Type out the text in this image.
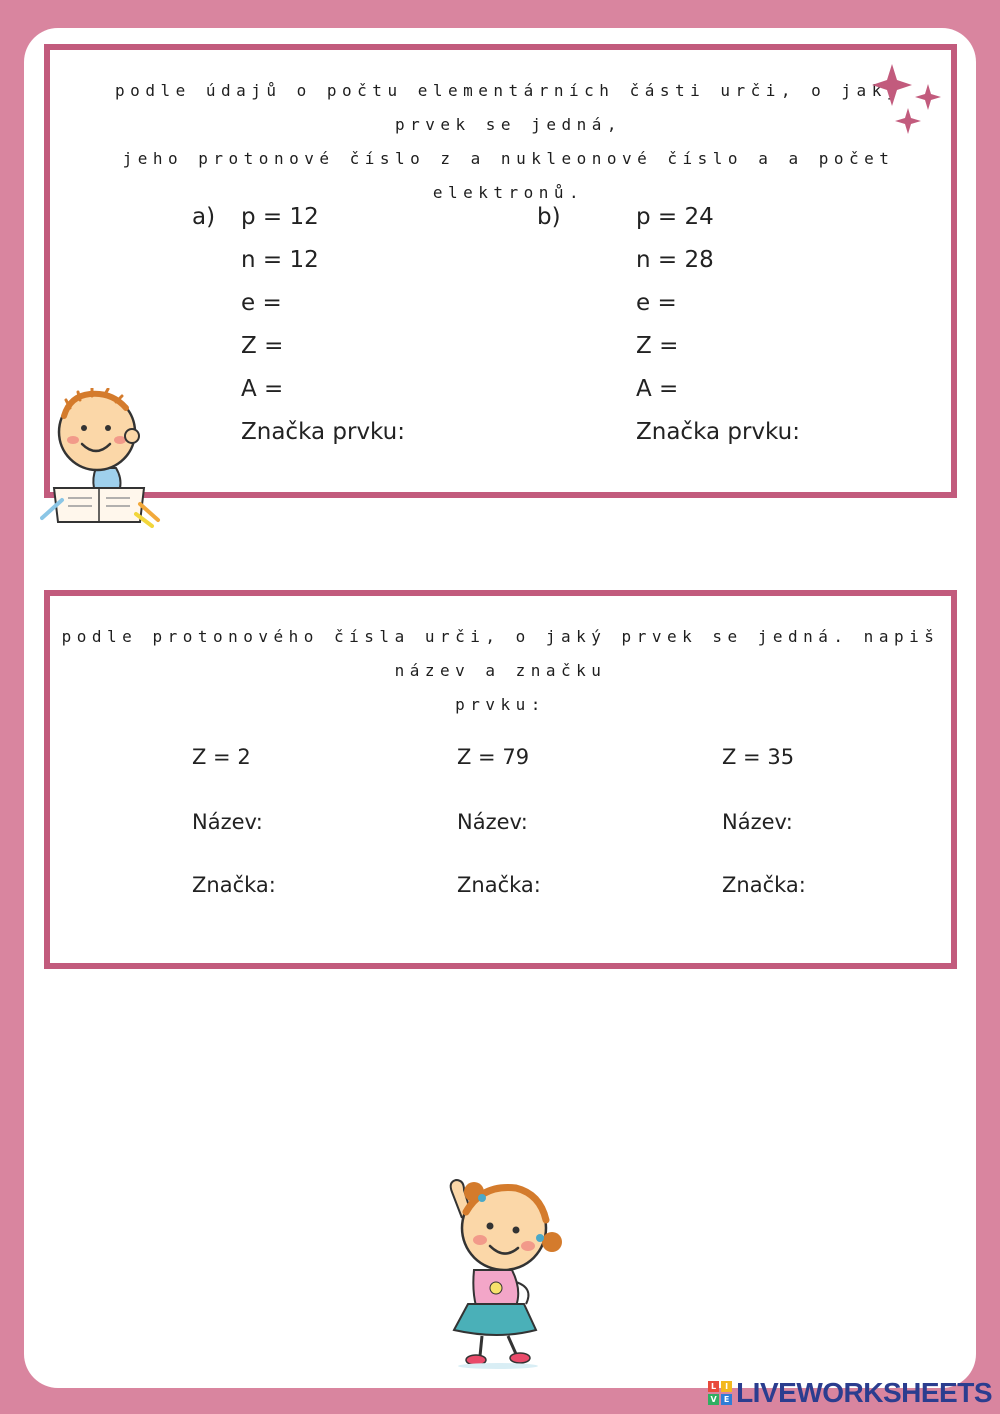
podle údajů o počtu elementárních části urči, o jaký prvek se jedná,
jeho protonové číslo z a nukleonové číslo a a počet elektronů.
a) p = 12
n = 12
e =
Z =
A =
Značka prvku:
b)	p = 24
n = 28
e =
Z =
A =
Značka prvku:
podle protonového čísla urči, o jaký prvek se jedná. napiš název a značku
prvku:
Z = 2
Název:
Značka:
Z = 79
Název:
Značka:
Z = 35
Název:
Značka:
L	I
V E LIVEWORKSHEETS
